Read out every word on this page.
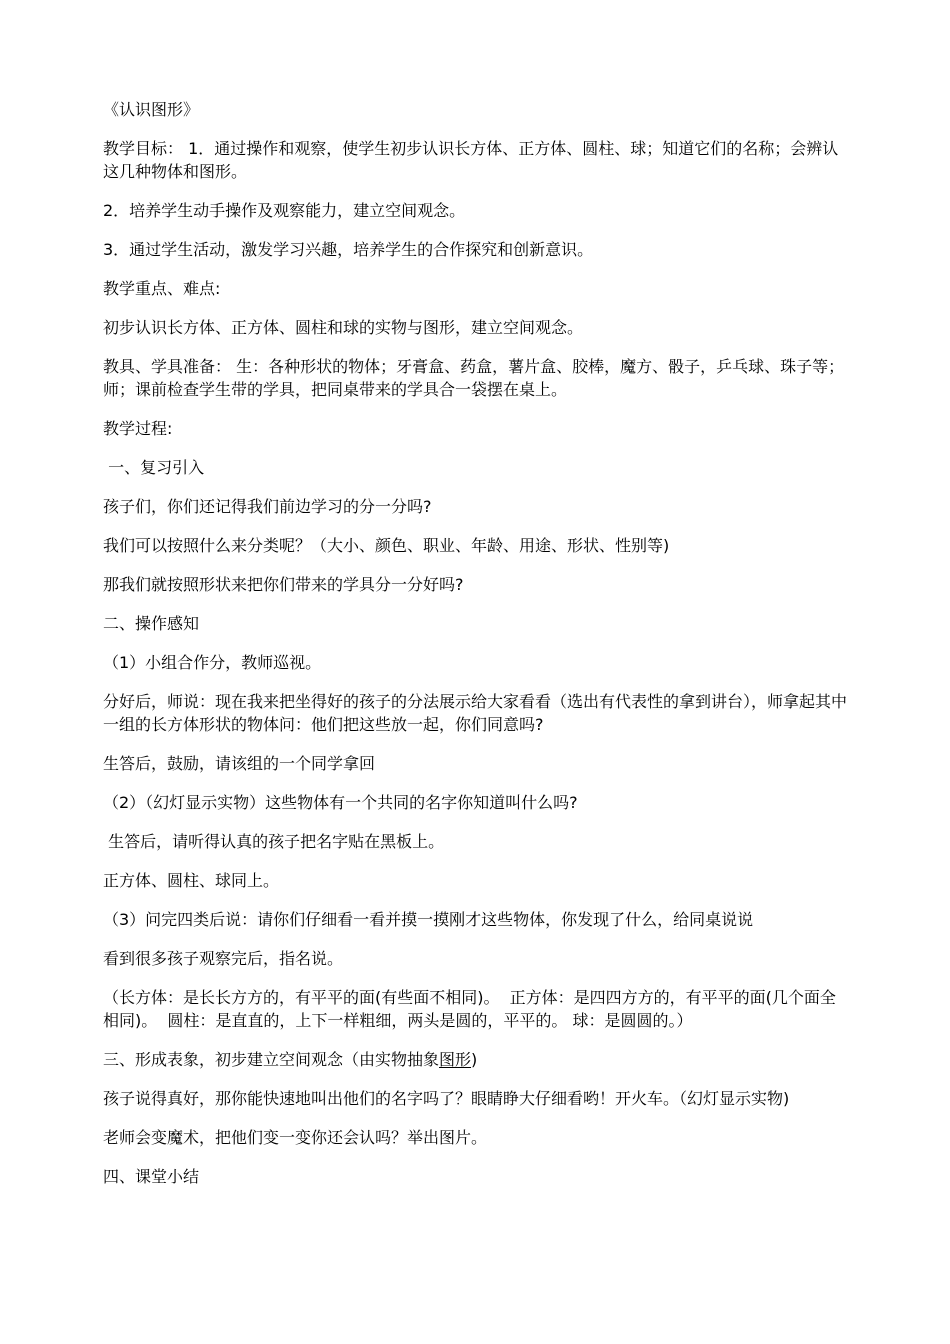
《认识图形》

教学目标： 1．通过操作和观察，使学生初步认识长方体、正方体、圆柱、球；知道它们的名称；会辨认这几种物体和图形。

2．培养学生动手操作及观察能力，建立空间观念。

3．通过学生活动，激发学习兴趣，培养学生的合作探究和创新意识。

教学重点、难点:

初步认识长方体、正方体、圆柱和球的实物与图形，建立空间观念。

教具、学具准备： 生：各种形状的物体；牙膏盒、药盒，薯片盒、胶棒，魔方、骰子，乒乓球、珠子等；师；课前检查学生带的学具，把同桌带来的学具合一袋摆在桌上。

教学过程:

一、复习引入

孩子们，你们还记得我们前边学习的分一分吗?

我们可以按照什么来分类呢？（大小、颜色、职业、年龄、用途、形状、性别等)

那我们就按照形状来把你们带来的学具分一分好吗?

二、操作感知

（1）小组合作分，教师巡视。

分好后，师说：现在我来把坐得好的孩子的分法展示给大家看看（选出有代表性的拿到讲台），师拿起其中一组的长方体形状的物体问：他们把这些放一起，你们同意吗?

生答后，鼓励，请该组的一个同学拿回

（2）（幻灯显示实物）这些物体有一个共同的名字你知道叫什么吗?

生答后，请听得认真的孩子把名字贴在黑板上。

正方体、圆柱、球同上。

（3）问完四类后说：请你们仔细看一看并摸一摸刚才这些物体，你发现了什么，给同桌说说

看到很多孩子观察完后，指名说。

（长方体：是长长方方的，有平平的面(有些面不相同)。  正方体：是四四方方的，有平平的面(几个面全相同)。  圆柱：是直直的，上下一样粗细，两头是圆的，平平的。 球：是圆圆的。）

三、形成表象，初步建立空间观念（由实物抽象图形)

孩子说得真好，那你能快速地叫出他们的名字吗了？眼睛睁大仔细看哟！开火车。（幻灯显示实物)

老师会变魔术，把他们变一变你还会认吗？举出图片。

四、课堂小结
